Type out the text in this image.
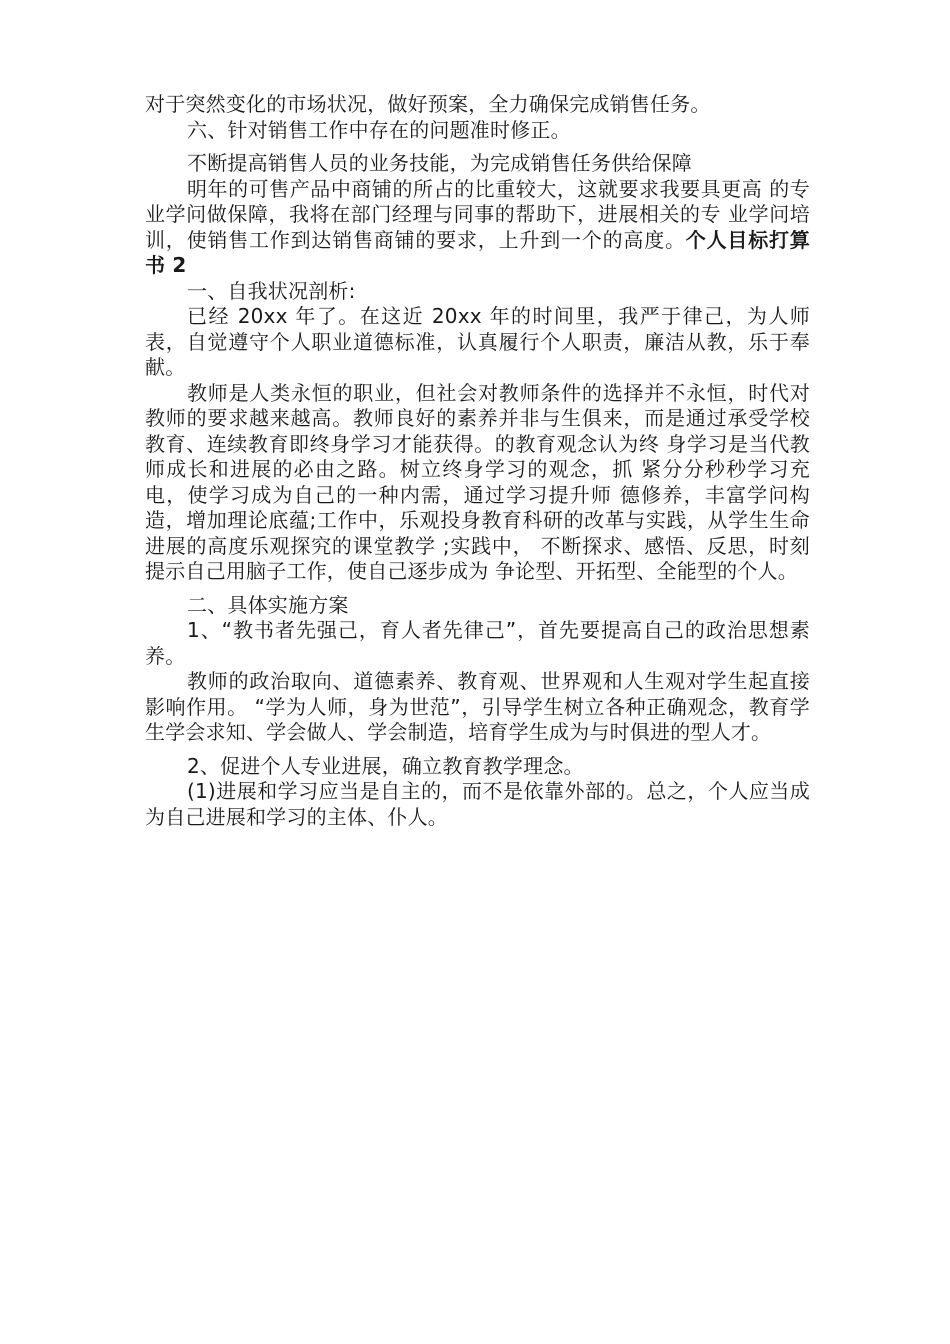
对于突然变化的市场状况，做好预案，全力确保完成销售任务。

六、针对销售工作中存在的问题准时修正。

不断提高销售人员的业务技能，为完成销售任务供给保障

明年的可售产品中商铺的所占的比重较大，这就要求我要具更高 的专业学问做保障，我将在部门经理与同事的帮助下，进展相关的专 业学问培训，使销售工作到达销售商铺的要求，上升到一个的高度。个人目标打算书 2

一、自我状况剖析:

已经 20xx 年了。在这近 20xx 年的时间里，我严于律己，为人师表，自觉遵守个人职业道德标准，认真履行个人职责，廉洁从教，乐于奉献。

教师是人类永恒的职业，但社会对教师条件的选择并不永恒，时代对教师的要求越来越高。教师良好的素养并非与生俱来，而是通过承受学校教育、连续教育即终身学习才能获得。的教育观念认为终 身学习是当代教师成长和进展的必由之路。树立终身学习的观念，抓 紧分分秒秒学习充电，使学习成为自己的一种内需，通过学习提升师 德修养，丰富学问构造，增加理论底蕴;工作中，乐观投身教育科研的改革与实践，从学生生命进展的高度乐观探究的课堂教学 ;实践中， 不断探求、感悟、反思，时刻提示自己用脑子工作，使自己逐步成为 争论型、开拓型、全能型的个人。

二、具体实施方案

1、“教书者先强己，育人者先律己”，首先要提高自己的政治思想素养。

教师的政治取向、道德素养、教育观、世界观和人生观对学生起直接影响作用。 “学为人师，身为世范”，引导学生树立各种正确观念，教育学生学会求知、学会做人、学会制造，培育学生成为与时俱进的型人才。

2、促进个人专业进展，确立教育教学理念。

(1)进展和学习应当是自主的，而不是依靠外部的。总之，个人应当成为自己进展和学习的主体、仆人。
